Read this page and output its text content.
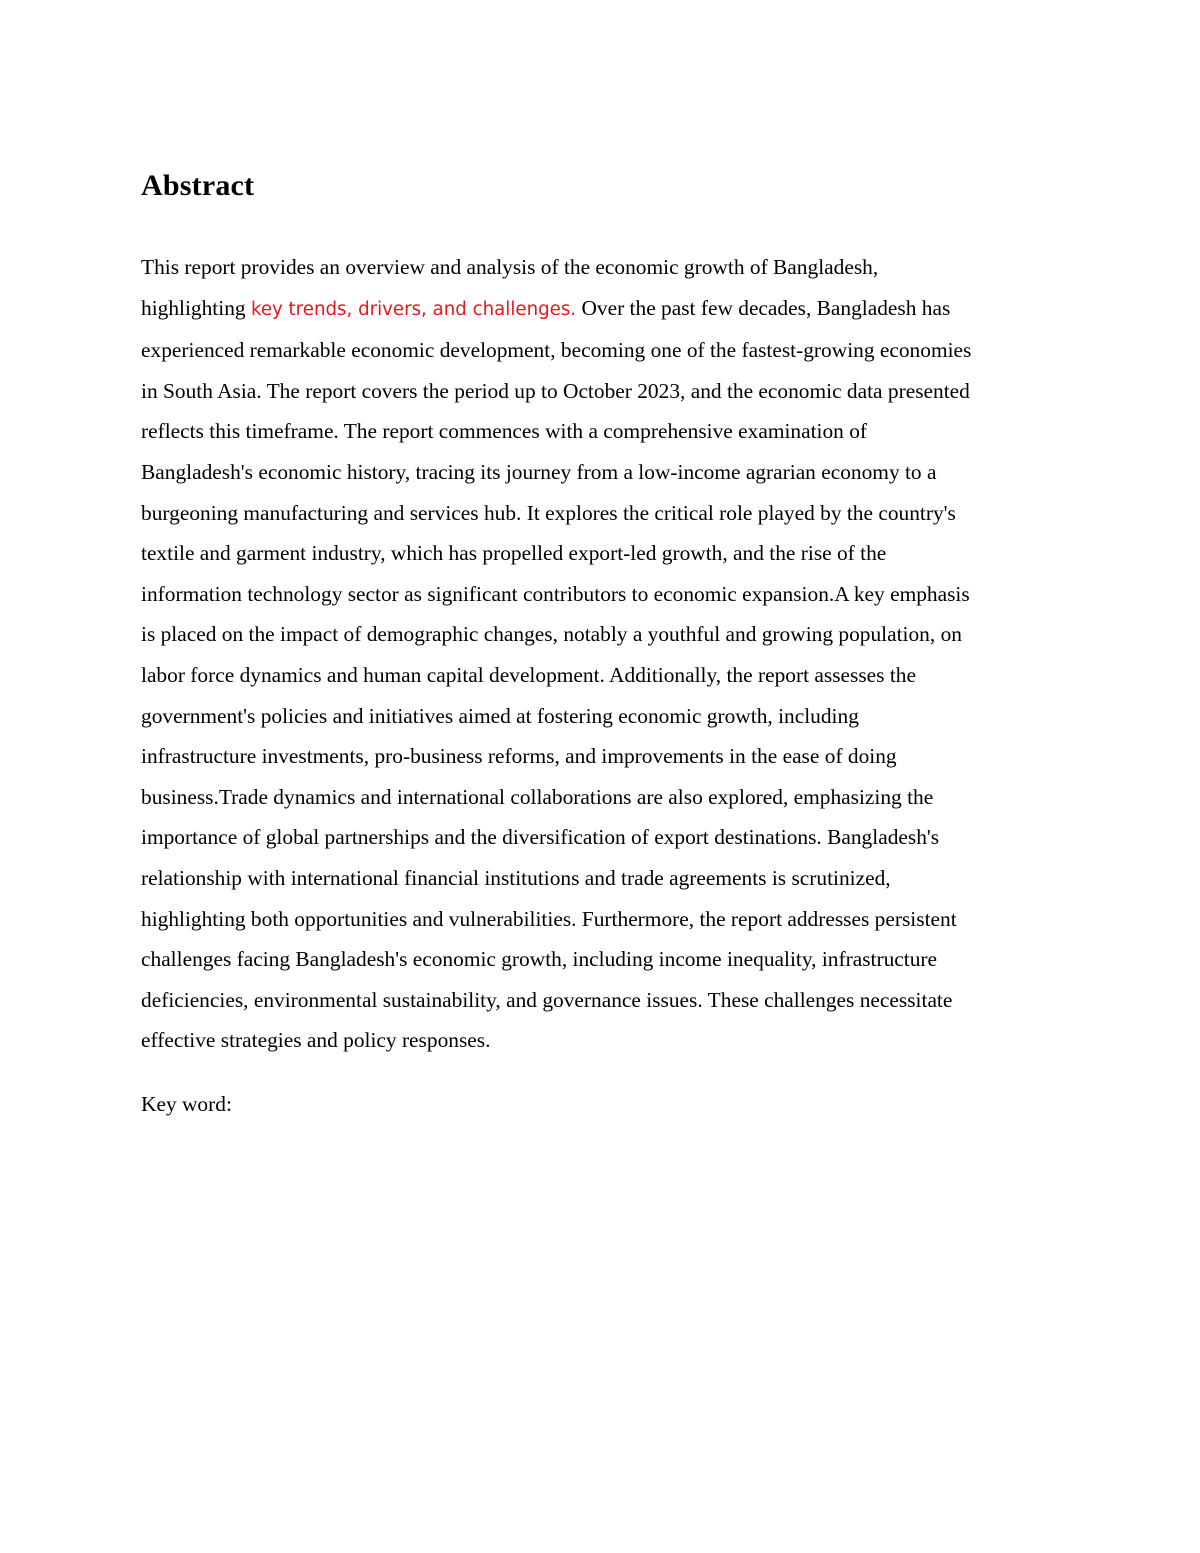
Abstract

This report provides an overview and analysis of the economic growth of Bangladesh,
highlighting key trends, drivers, and challenges. Over the past few decades, Bangladesh has
experienced remarkable economic development, becoming one of the fastest-growing economies
in South Asia. The report covers the period up to October 2023, and the economic data presented
reflects this timeframe. The report commences with a comprehensive examination of
Bangladesh's economic history, tracing its journey from a low-income agrarian economy to a
burgeoning manufacturing and services hub. It explores the critical role played by the country's
textile and garment industry, which has propelled export-led growth, and the rise of the
information technology sector as significant contributors to economic expansion.A key emphasis
is placed on the impact of demographic changes, notably a youthful and growing population, on
labor force dynamics and human capital development. Additionally, the report assesses the
government's policies and initiatives aimed at fostering economic growth, including
infrastructure investments, pro-business reforms, and improvements in the ease of doing
business.Trade dynamics and international collaborations are also explored, emphasizing the
importance of global partnerships and the diversification of export destinations. Bangladesh's
relationship with international financial institutions and trade agreements is scrutinized,
highlighting both opportunities and vulnerabilities. Furthermore, the report addresses persistent
challenges facing Bangladesh's economic growth, including income inequality, infrastructure
deficiencies, environmental sustainability, and governance issues. These challenges necessitate
effective strategies and policy responses.

Key word:
